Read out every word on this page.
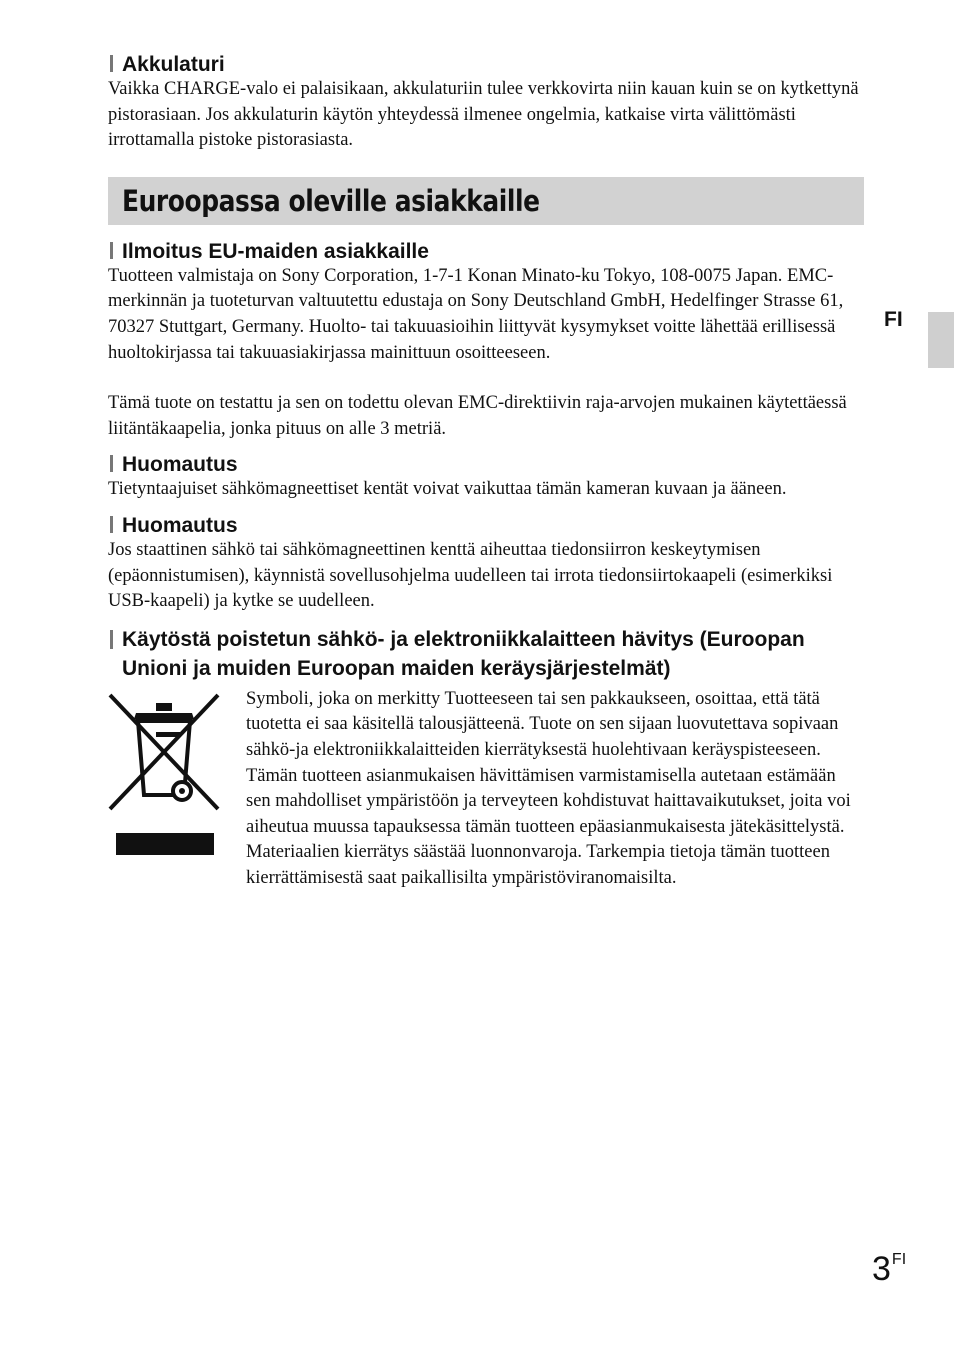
FI
Akkulaturi

Vaikka CHARGE-valo ei palaisikaan, akkulaturiin tulee verkkovirta niin kauan kuin se on kytkettynä pistorasiaan. Jos akkulaturin käytön yhteydessä ilmenee ongelmia, katkaise virta välittömästi irrottamalla pistoke pistorasiasta.

Euroopassa oleville asiakkaille
Ilmoitus EU-maiden asiakkaille

Tuotteen valmistaja on Sony Corporation, 1-7-1 Konan Minato-ku Tokyo, 108-0075 Japan. EMC-merkinnän ja tuoteturvan valtuutettu edustaja on Sony Deutschland GmbH, Hedelfinger Strasse 61, 70327 Stuttgart, Germany. Huolto- tai takuuasioihin liittyvät kysymykset voitte lähettää erillisessä huoltokirjassa tai takuuasiakirjassa mainittuun osoitteeseen.

Tämä tuote on testattu ja sen on todettu olevan EMC-direktiivin raja-arvojen mukainen käytettäessä liitäntäkaapelia, jonka pituus on alle 3 metriä.

Huomautus

Tietyntaajuiset sähkömagneettiset kentät voivat vaikuttaa tämän kameran kuvaan ja ääneen.

Huomautus

Jos staattinen sähkö tai sähkömagneettinen kenttä aiheuttaa tiedonsiirron keskeytymisen (epäonnistumisen), käynnistä sovellusohjelma uudelleen tai irrota tiedonsiirtokaapeli (esimerkiksi USB-kaapeli) ja kytke se uudelleen.

Käytöstä poistetun sähkö- ja elektroniikkalaitteen hävitys (Euroopan Unioni ja muiden Euroopan maiden keräysjärjestelmät)

Symboli, joka on merkitty Tuotteeseen tai sen pakkaukseen, osoittaa, että tätä tuotetta ei saa käsitellä talousjätteenä. Tuote on sen sijaan luovutettava sopivaan sähkö-ja elektroniikkalaitteiden kierrätyksestä huolehtivaan keräyspisteeseen. Tämän tuotteen asianmukaisen hävittämisen varmistamisella autetaan estämään sen mahdolliset ympäristöön ja terveyteen kohdistuvat haittavaikutukset, joita voi aiheutua muussa tapauksessa tämän tuotteen epäasianmukaisesta jätekäsittelystä. Materiaalien kierrätys säästää luonnonvaroja. Tarkempia tietoja tämän tuotteen kierrättämisestä saat paikallisilta ympäristöviranomaisilta.

$3^{FI}$
